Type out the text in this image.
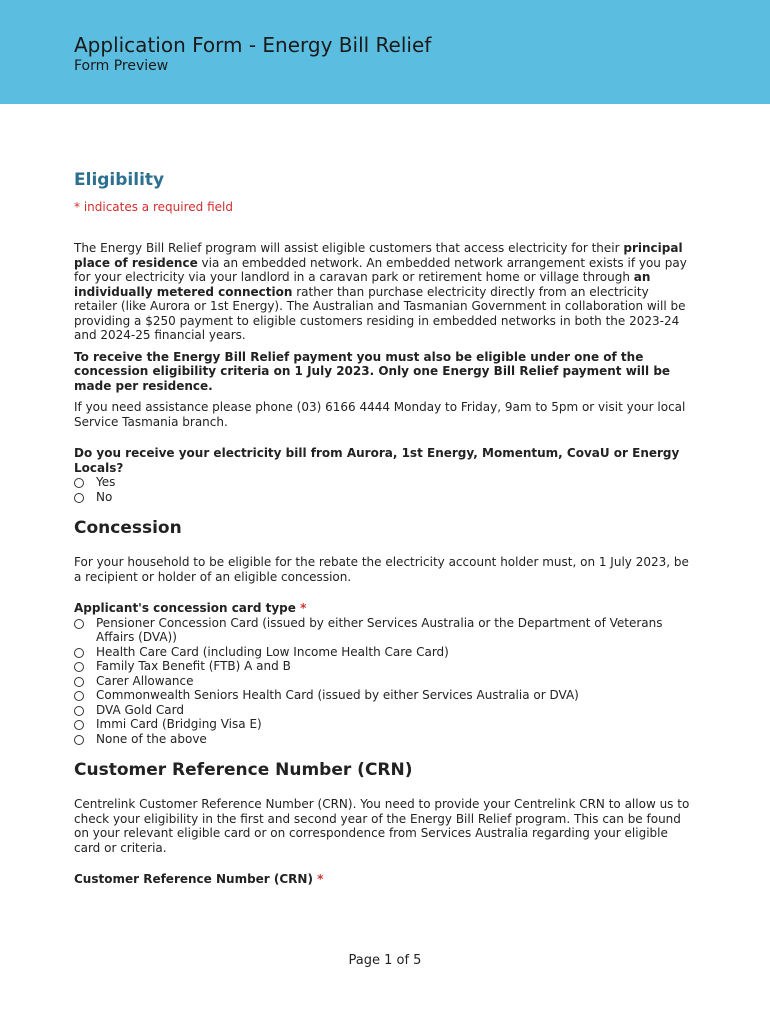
Application Form - Energy Bill Relief
Form Preview
Eligibility
* indicates a required field

The Energy Bill Relief program will assist eligible customers that access electricity for their principal place of residence via an embedded network. An embedded network arrangement exists if you pay for your electricity via your landlord in a caravan park or retirement home or village through an individually metered connection rather than purchase electricity directly from an electricity retailer (like Aurora or 1st Energy). The Australian and Tasmanian Government in collaboration will be providing a $250 payment to eligible customers residing in embedded networks in both the 2023-24 and 2024-25 financial years.

To receive the Energy Bill Relief payment you must also be eligible under one of the concession eligibility criteria on 1 July 2023. Only one Energy Bill Relief payment will be made per residence.

If you need assistance please phone (03) 6166 4444 Monday to Friday, 9am to 5pm or visit your local Service Tasmania branch.

Do you receive your electricity bill from Aurora, 1st Energy, Momentum, CovaU or Energy Locals?
Yes
No
Concession

For your household to be eligible for the rebate the electricity account holder must, on 1 July 2023, be a recipient or holder of an eligible concession.

Applicant's concession card type *
Pensioner Concession Card (issued by either Services Australia or the Department of Veterans Affairs (DVA))
Health Care Card (including Low Income Health Care Card)
Family Tax Benefit (FTB) A and B
Carer Allowance
Commonwealth Seniors Health Card (issued by either Services Australia or DVA)
DVA Gold Card
Immi Card (Bridging Visa E)
None of the above
Customer Reference Number (CRN)

Centrelink Customer Reference Number (CRN). You need to provide your Centrelink CRN to allow us to check your eligibility in the first and second year of the Energy Bill Relief program. This can be found on your relevant eligible card or on correspondence from Services Australia regarding your eligible card or criteria.

Customer Reference Number (CRN) *
Page 1 of 5
